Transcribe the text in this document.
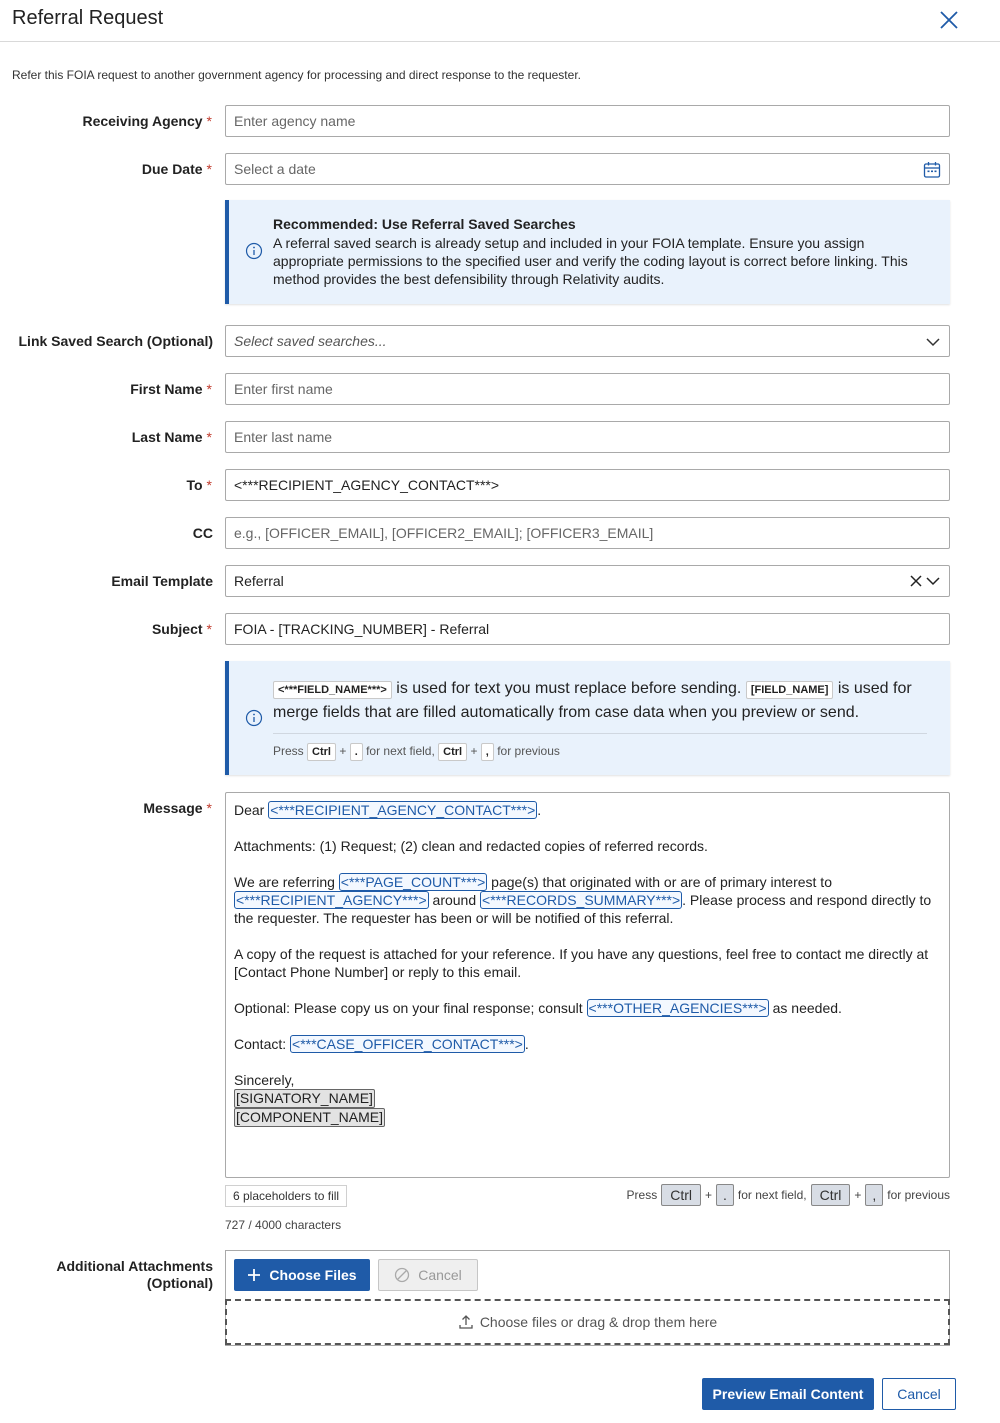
Referral Request
Refer this FOIA request to another government agency for processing and direct response to the requester.
Receiving Agency *	Enter agency name
Due Date *	Select a date
Recommended: Use Referral Saved Searches
A referral saved search is already setup and included in your FOIA template. Ensure you assign appropriate permissions to the specified user and verify the coding layout is correct before linking. This method provides the best defensibility through Relativity audits.
Link Saved Search (Optional)	Select saved searches...
First Name *	Enter first name
Last Name *	Enter last name
To *	<***RECIPIENT_AGENCY_CONTACT***>
CC	e.g., [OFFICER_EMAIL], [OFFICER2_EMAIL]; [OFFICER3_EMAIL]
Email Template	Referral
Subject *	FOIA - [TRACKING_NUMBER] - Referral
<***FIELD_NAME***> is used for text you must replace before sending. [FIELD_NAME] is used for merge fields that are filled automatically from case data when you preview or send.
Press Ctrl + . for next field, Ctrl + , for previous
Message * Dear <***RECIPIENT_AGENCY_CONTACT***> .

Attachments: (1) Request; (2) clean and redacted copies of referred records.

We are referring <***PAGE_COUNT***> page(s) that originated with or are of primary interest to <***RECIPIENT_AGENCY***> around <***RECORDS_SUMMARY***> . Please process and respond directly to the requester. The requester has been or will be notified of this referral.

A copy of the request is attached for your reference. If you have any questions, feel free to contact me directly at [Contact Phone Number] or reply to this email.

Optional: Please copy us on your final response; consult <***OTHER_AGENCIES***> as needed.

Contact: <***CASE_OFFICER_CONTACT***> .

Sincerely,
[SIGNATORY_NAME]
[COMPONENT_NAME]
6 placeholders to fill	Press Ctrl	+ . for next field, Ctrl	+ , for previous
727 / 4000 characters
Additional Attachments
(Optional)	Choose Files	Cancel
Choose files or drag & drop them here
Preview Email Content	Cancel
